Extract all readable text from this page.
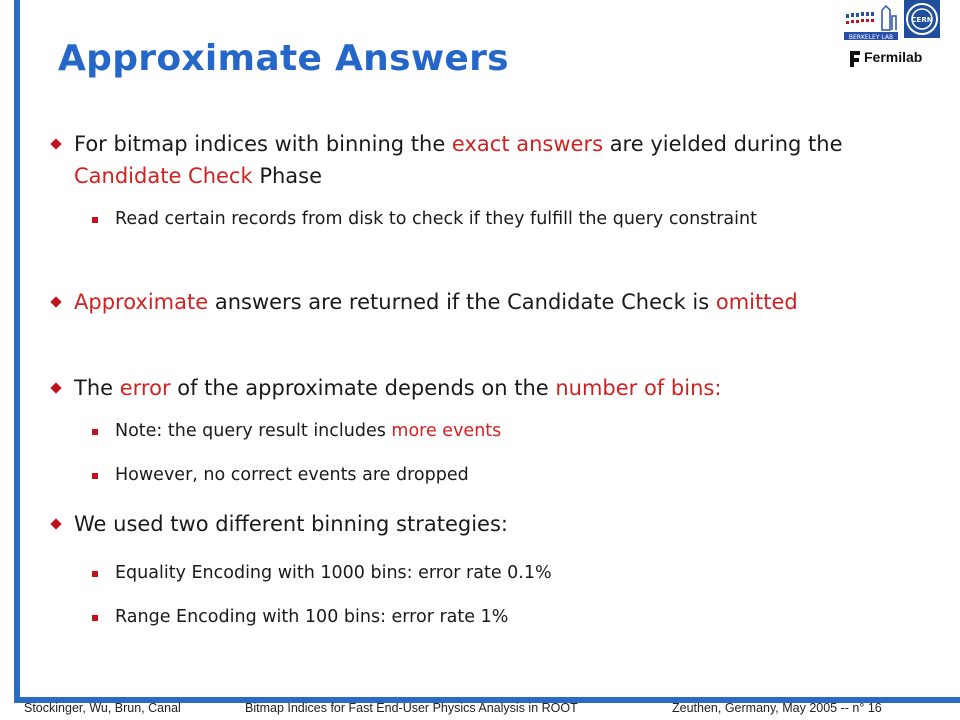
Approximate Answers
BERKELEY LAB
CERN
Fermilab
For bitmap indices with binning the exact answers are yielded during the Candidate Check Phase
Read certain records from disk to check if they fulfill the query constraint
Approximate answers are returned if the Candidate Check is omitted
The error of the approximate depends on the number of bins:
Note: the query result includes more events
However, no correct events are dropped
We used two different binning strategies:
Equality Encoding with 1000 bins: error rate 0.1%
Range Encoding with 100 bins: error rate 1%
Stockinger, Wu, Brun, Canal	Bitmap Indices for Fast End-User Physics Analysis in ROOT	Zeuthen, Germany, May 2005 -- n° 16
